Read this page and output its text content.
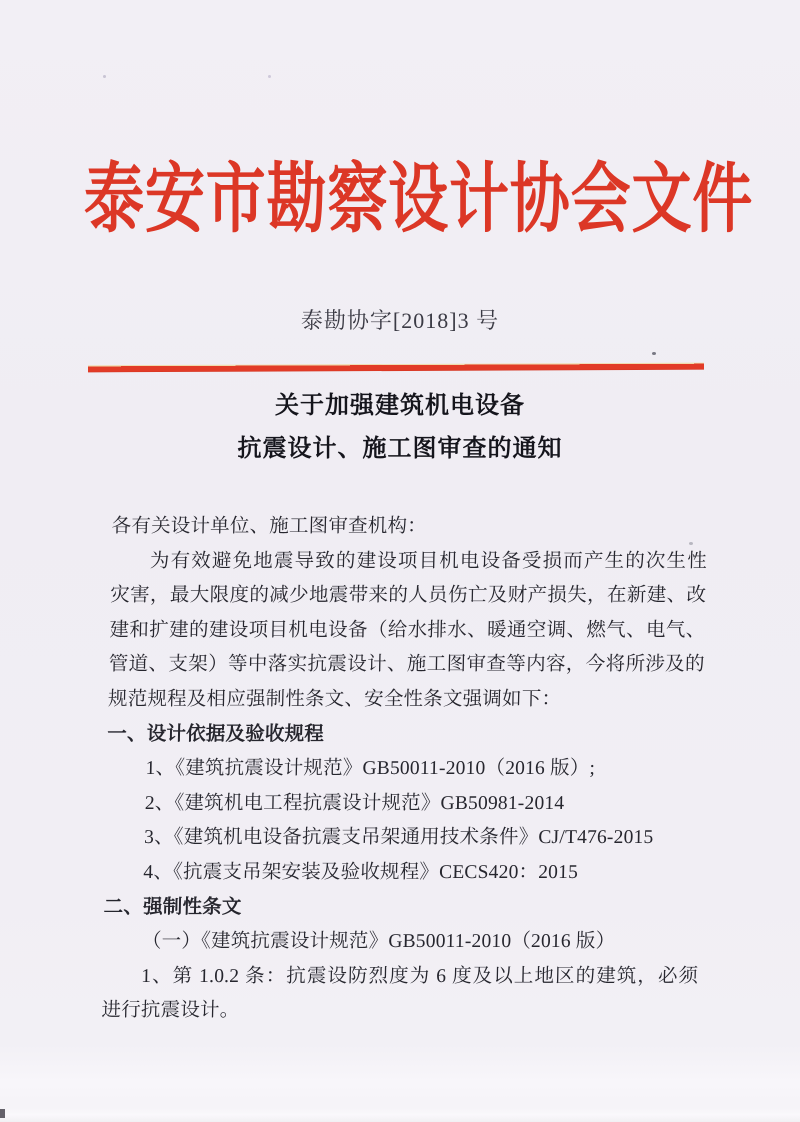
泰安市勘察设计协会文件
泰勘协字[2018]3 号
关于加强建筑机电设备
抗震设计、施工图审查的通知
各有关设计单位、施工图审查机构：
为有效避免地震导致的建设项目机电设备受损而产生的次生性
灾害，最大限度的减少地震带来的人员伤亡及财产损失，在新建、改
建和扩建的建设项目机电设备（给水排水、暖通空调、燃气、电气、
管道、支架）等中落实抗震设计、施工图审查等内容，今将所涉及的
规范规程及相应强制性条文、安全性条文强调如下：
一、设计依据及验收规程
1、《建筑抗震设计规范》GB50011-2010（2016 版）;
2、《建筑机电工程抗震设计规范》GB50981-2014
3、《建筑机电设备抗震支吊架通用技术条件》CJ/T476-2015
4、《抗震支吊架安装及验收规程》CECS420：2015
二、强制性条文
（一）《建筑抗震设计规范》GB50011-2010（2016 版）
1、第 1.0.2 条：抗震设防烈度为 6 度及以上地区的建筑，必须
进行抗震设计。
